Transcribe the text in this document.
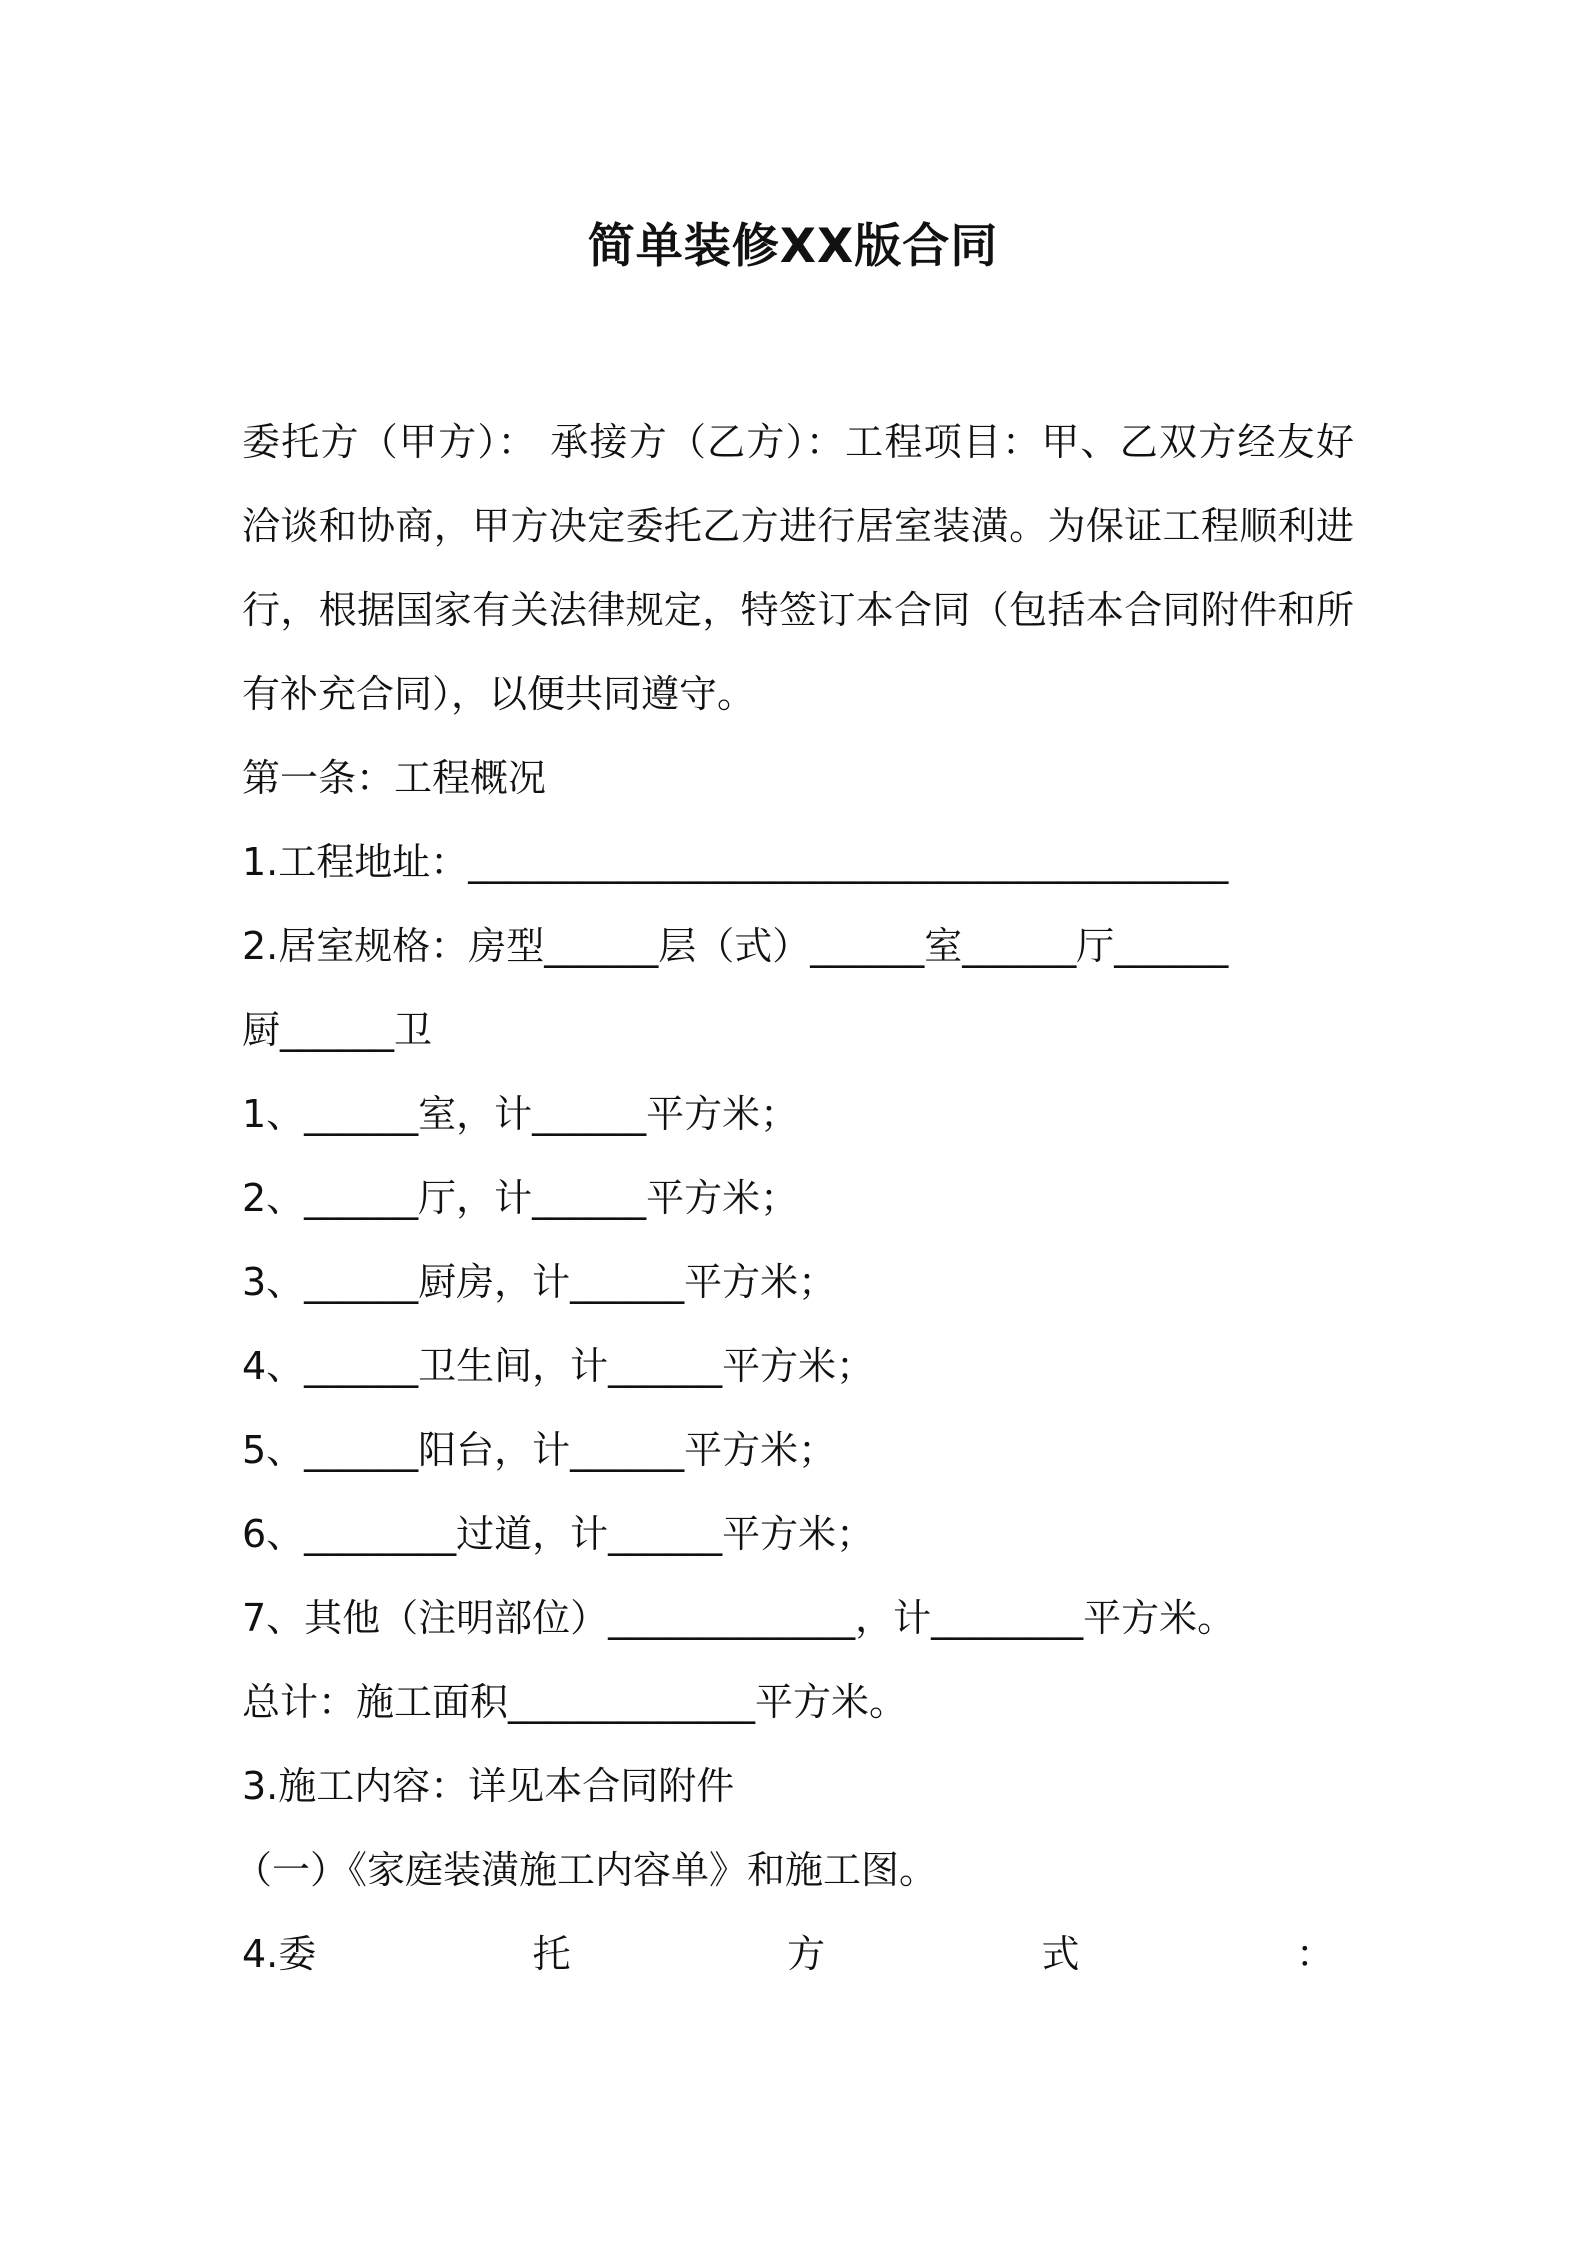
简单装修XX版合同

委托方（甲方）： 承接方（乙方）：工程项目：甲、乙双方经友好洽谈和协商，甲方决定委托乙方进行居室装潢。为保证工程顺利进行，根据国家有关法律规定，特签订本合同（包括本合同附件和所有补充合同），以便共同遵守。

第一条：工程概况

1.工程地址：________________________________________

2.居室规格：房型______层（式）______室______厅______

厨______卫

1、______室，计______平方米；

2、______厅，计______平方米；

3、______厨房，计______平方米；

4、______卫生间，计______平方米；

5、______阳台，计______平方米；

6、________过道，计______平方米；

7、其他（注明部位）_____________，计________平方米。

总计：施工面积_____________平方米。

3.施工内容：详见本合同附件

（一）《家庭装潢施工内容单》和施工图。

4.委	托	方	式	：
